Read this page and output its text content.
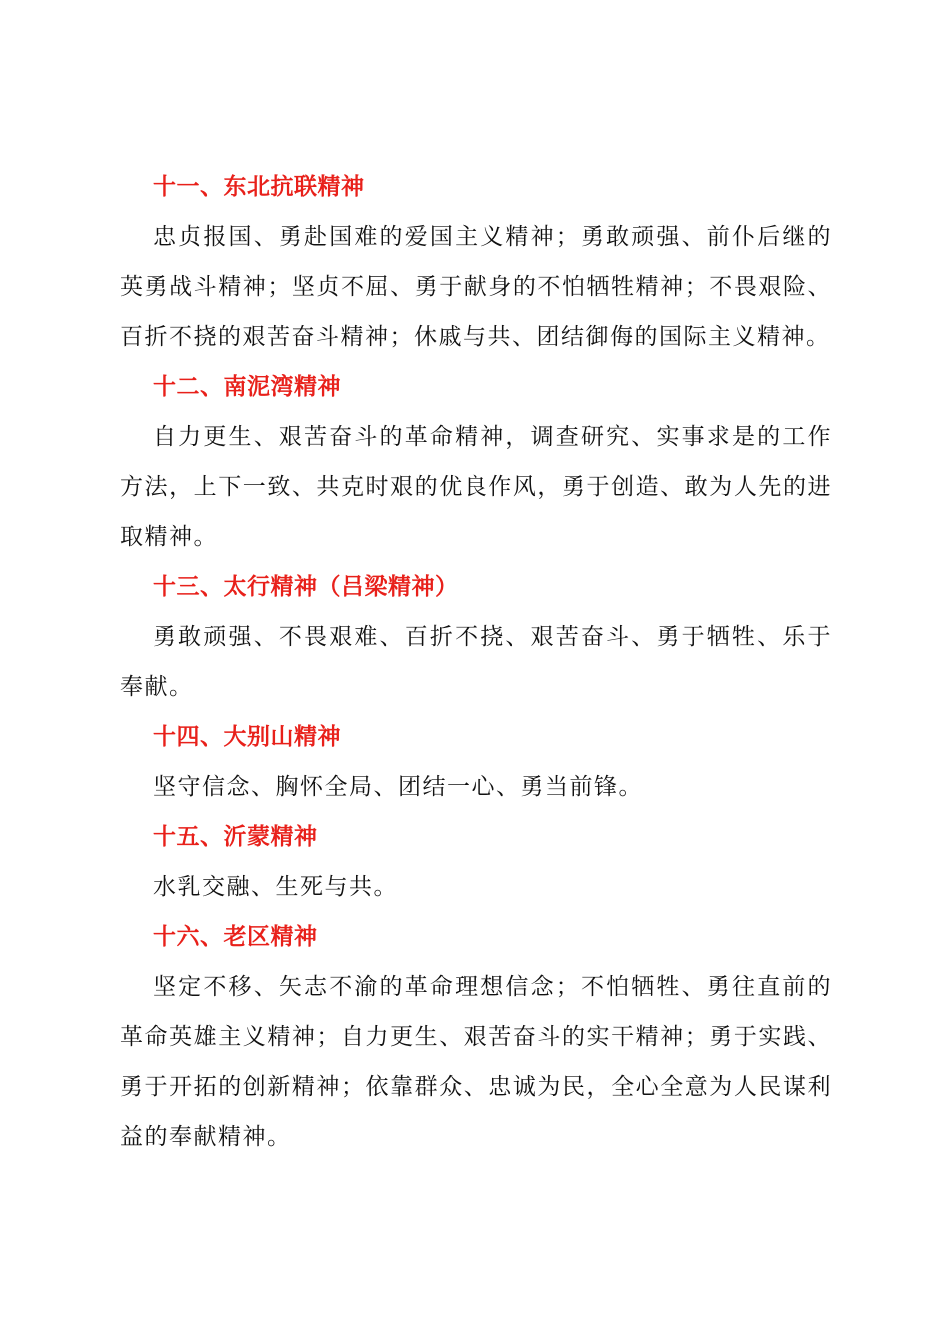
十一、东北抗联精神

忠贞报国、勇赴国难的爱国主义精神；勇敢顽强、前仆后继的英勇战斗精神；坚贞不屈、勇于献身的不怕牺牲精神；不畏艰险、百折不挠的艰苦奋斗精神；休戚与共、团结御侮的国际主义精神。

十二、南泥湾精神

自力更生、艰苦奋斗的革命精神，调查研究、实事求是的工作方法，上下一致、共克时艰的优良作风，勇于创造、敢为人先的进取精神。

十三、太行精神（吕梁精神）

勇敢顽强、不畏艰难、百折不挠、艰苦奋斗、勇于牺牲、乐于奉献。

十四、大别山精神

坚守信念、胸怀全局、团结一心、勇当前锋。

十五、沂蒙精神

水乳交融、生死与共。

十六、老区精神

坚定不移、矢志不渝的革命理想信念；不怕牺牲、勇往直前的革命英雄主义精神；自力更生、艰苦奋斗的实干精神；勇于实践、勇于开拓的创新精神；依靠群众、忠诚为民，全心全意为人民谋利益的奉献精神。
